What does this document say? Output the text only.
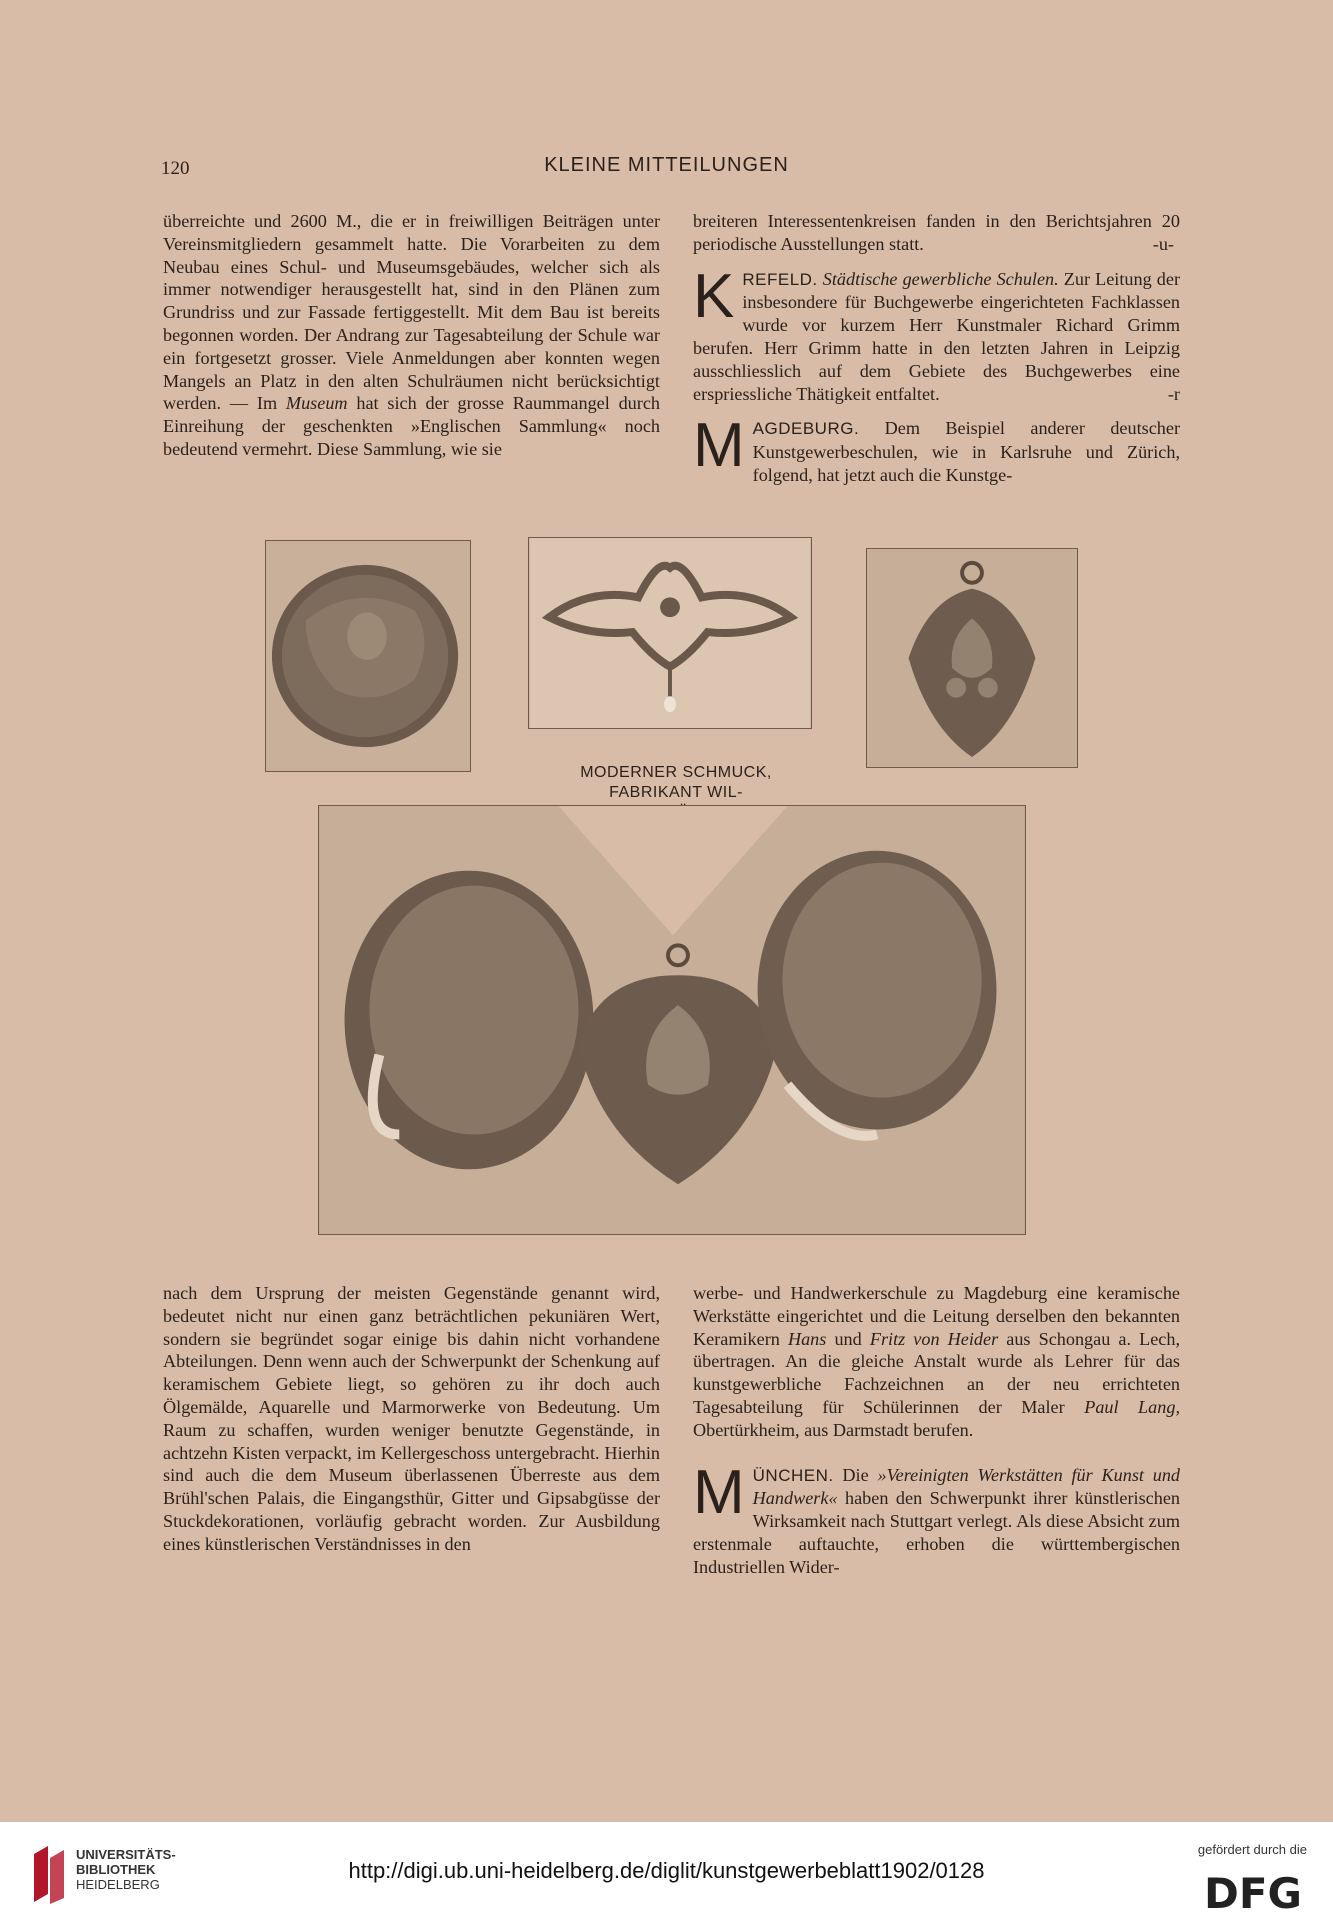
120	KLEINE MITTEILUNGEN

überreichte und 2600 M., die er in freiwilligen Beiträgen unter Vereinsmitgliedern gesammelt hatte. Die Vorarbeiten zu dem Neubau eines Schul- und Museumsgebäudes, welcher sich als immer notwendiger herausgestellt hat, sind in den Plänen zum Grundriss und zur Fassade fertiggestellt. Mit dem Bau ist bereits begonnen worden. Der Andrang zur Tagesabteilung der Schule war ein fortgesetzt grosser. Viele Anmeldungen aber konnten wegen Mangels an Platz in den alten Schulräumen nicht berücksichtigt werden. — Im Museum hat sich der grosse Raummangel durch Einreihung der geschenkten »Englischen Sammlung« noch bedeutend vermehrt. Diese Sammlung, wie sie

breiteren Interessentenkreisen fanden in den Berichtsjahren 20 periodische Ausstellungen statt.	-u-

KREFELD. Städtische gewerbliche Schulen. Zur Leitung der insbesondere für Buchgewerbe eingerichteten Fachklassen wurde vor kurzem Herr Kunstmaler Richard Grimm berufen. Herr Grimm hatte in den letzten Jahren in Leipzig ausschliesslich auf dem Gebiete des Buchgewerbes eine erspriessliche Thätigkeit entfaltet.	-r

MAGDEBURG. Dem Beispiel anderer deutscher Kunstgewerbeschulen, wie in Karlsruhe und Zürich, folgend, hat jetzt auch die Kunstge-

MODERNER SCHMUCK,
FABRIKANT WIL-

nach dem Ursprung der meisten Gegenstände genannt wird, bedeutet nicht nur einen ganz beträchtlichen pekuniären Wert, sondern sie begründet sogar einige bis dahin nicht vorhandene Abteilungen. Denn wenn auch der Schwerpunkt der Schenkung auf keramischem Gebiete liegt, so gehören zu ihr doch auch Ölgemälde, Aquarelle und Marmorwerke von Bedeutung. Um Raum zu schaffen, wurden weniger benutzte Gegenstände, in achtzehn Kisten verpackt, im Kellergeschoss untergebracht. Hierhin sind auch die dem Museum überlassenen Überreste aus dem Brühl'schen Palais, die Eingangsthür, Gitter und Gipsabgüsse der Stuckdekorationen, vorläufig gebracht worden. Zur Ausbildung eines künstlerischen Verständnisses in den

werbe- und Handwerkerschule zu Magdeburg eine keramische Werkstätte eingerichtet und die Leitung derselben den bekannten Keramikern Hans und Fritz von Heider aus Schongau a. Lech, übertragen. An die gleiche Anstalt wurde als Lehrer für das kunstgewerbliche Fachzeichnen an der neu errichteten Tagesabteilung für Schülerinnen der Maler Paul Lang, Obertürkheim, aus Darmstadt berufen.

MÜNCHEN. Die »Vereinigten Werkstätten für Kunst und Handwerk« haben den Schwerpunkt ihrer künstlerischen Wirksamkeit nach Stuttgart verlegt. Als diese Absicht zum erstenmale auftauchte, erhoben die württembergischen Industriellen Wider-

UNIVERSITÄTS-
BIBLIOTHEK
HEIDELBERG
http://digi.ub.uni-heidelberg.de/diglit/kunstgewerbeblatt1902/0128
gefördert durch die
DFG
